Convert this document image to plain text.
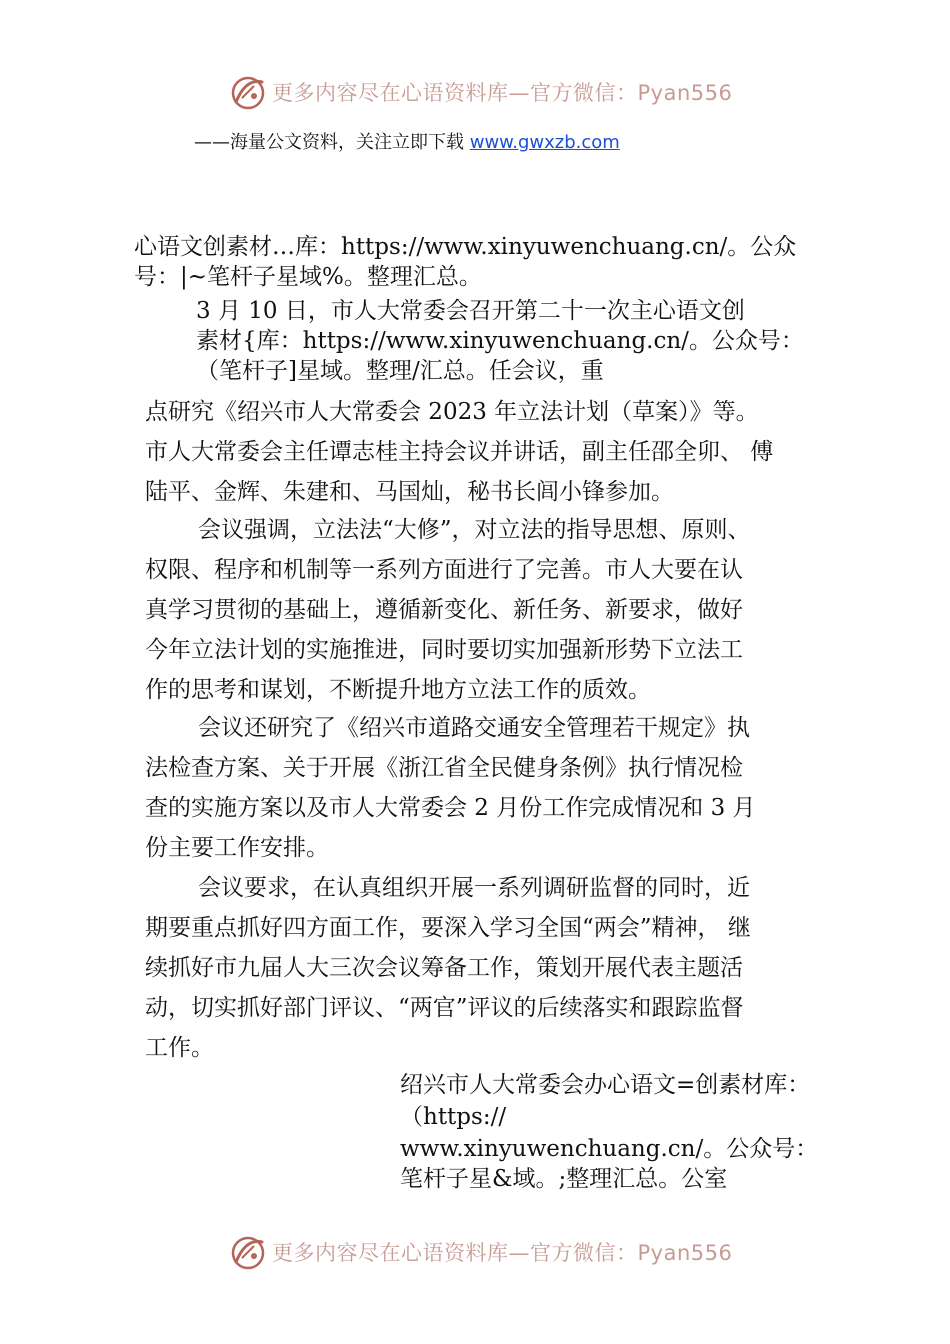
更多内容尽在心语资料库—官方微信：Pyan556
——海量公文资料，关注立即下载 www.gwxzb.com
心语文创素材…库：https://www.xinyuwenchuang.cn/。公众
号：|~笔杆子星域%。整理汇总。
3 月 10 日，市人大常委会召开第二十一次主心语文创
素材{库：https://www.xinyuwenchuang.cn/。公众号：
（笔杆子]星域。整理/汇总。任会议，重
点研究《绍兴市人大常委会 2023 年立法计划（草案）》等。
市人大常委会主任谭志桂主持会议并讲话，副主任邵全卯、 傅
陆平、金辉、朱建和、马国灿，秘书长闾小锋参加。
会议强调，立法法“大修”，对立法的指导思想、原则、
权限、程序和机制等一系列方面进行了完善。市人大要在认
真学习贯彻的基础上，遵循新变化、新任务、新要求，做好
今年立法计划的实施推进，同时要切实加强新形势下立法工
作的思考和谋划，不断提升地方立法工作的质效。
会议还研究了《绍兴市道路交通安全管理若干规定》执
法检查方案、关于开展《浙江省全民健身条例》执行情况检
查的实施方案以及市人大常委会 2 月份工作完成情况和 3 月
份主要工作安排。
会议要求，在认真组织开展一系列调研监督的同时，近
期要重点抓好四方面工作，要深入学习全国“两会”精神， 继
续抓好市九届人大三次会议筹备工作，策划开展代表主题活
动，切实抓好部门评议、“两官”评议的后续落实和跟踪监督
工作。
绍兴市人大常委会办心语文=创素材库：
（https://
www.xinyuwenchuang.cn/。公众号：
笔杆子星&域。;整理汇总。公室
更多内容尽在心语资料库—官方微信：Pyan556
